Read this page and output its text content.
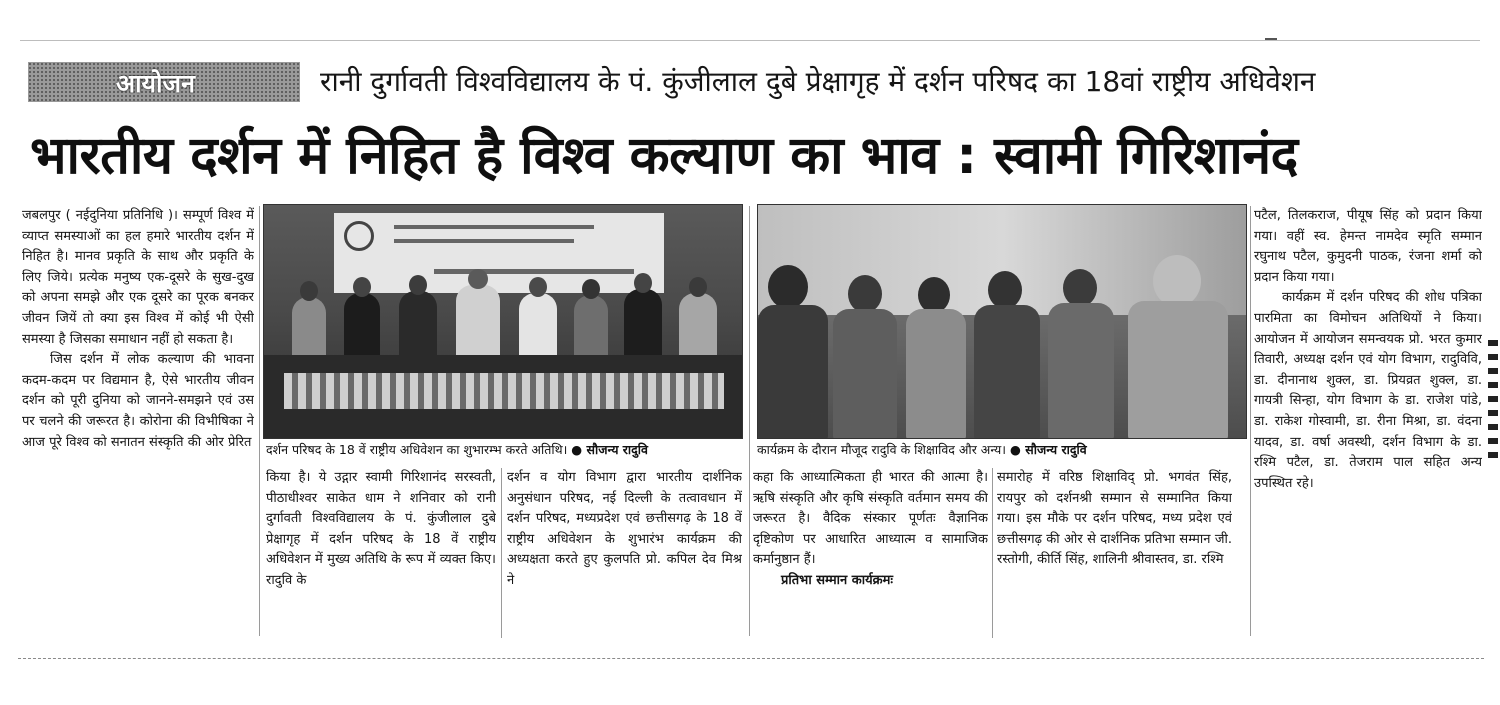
आयोजन	रानी दुर्गावती विश्वविद्यालय के पं. कुंजीलाल दुबे प्रेक्षागृह में दर्शन परिषद का 18वां राष्ट्रीय अधिवेशन
भारतीय दर्शन में निहित है विश्व कल्याण का भाव : स्वामी गिरिशानंद

जबलपुर ( नईदुनिया प्रतिनिधि )। सम्पूर्ण विश्व में व्याप्त समस्याओं का हल हमारे भारतीय दर्शन में निहित है। मानव प्रकृति के साथ और प्रकृति के लिए जिये। प्रत्येक मनुष्य एक-दूसरे के सुख-दुख को अपना समझे और एक दूसरे का पूरक बनकर जीवन जियें तो क्या इस विश्व में कोई भी ऐसी समस्या है जिसका समाधान नहीं हो सकता है।

जिस दर्शन में लोक कल्याण की भावना कदम-कदम पर विद्यमान है, ऐसे भारतीय जीवन दर्शन को पूरी दुनिया को जानने-समझने एवं उस पर चलने की जरूरत है। कोरोना की विभीषिका ने आज पूरे विश्व को सनातन संस्कृति की ओर प्रेरित दर्शन परिषद के 18 वें राष्ट्रीय अधिवेशन का शुभारम्भ करते अतिथि। ● सौजन्य रादुवि	कार्यक्रम के दौरान मौजूद रादुवि के शिक्षाविद और अन्य। ● सौजन्य रादुवि

किया है। ये उद्गार स्वामी गिरिशानंद सरस्वती, पीठाधीश्वर साकेत धाम ने शनिवार को रानी दुर्गावती विश्वविद्यालय के पं. कुंजीलाल दुबे प्रेक्षागृह में दर्शन परिषद के 18 वें राष्ट्रीय अधिवेशन में मुख्य अतिथि के रूप में व्यक्त किए। रादुवि के

दर्शन व योग विभाग द्वारा भारतीय दार्शनिक अनुसंधान परिषद, नई दिल्ली के तत्वावधान में दर्शन परिषद, मध्यप्रदेश एवं छत्तीसगढ़ के 18 वें राष्ट्रीय अधिवेशन के शुभारंभ कार्यक्रम की अध्यक्षता करते हुए कुलपति प्रो. कपिल देव मिश्र ने

कहा कि आध्यात्मिकता ही भारत की आत्मा है। ऋषि संस्कृति और कृषि संस्कृति वर्तमान समय की जरूरत है। वैदिक संस्कार पूर्णतः वैज्ञानिक दृष्टिकोण पर आधारित आध्यात्म व सामाजिक कर्मानुष्ठान हैं।

प्रतिभा सम्मान कार्यक्रमः

समारोह में वरिष्ठ शिक्षाविद् प्रो. भगवंत सिंह, रायपुर को दर्शनश्री सम्मान से सम्मानित किया गया। इस मौके पर दर्शन परिषद, मध्य प्रदेश एवं छत्तीसगढ़ की ओर से दार्शनिक प्रतिभा सम्मान जी. रस्तोगी, कीर्ति सिंह, शालिनी श्रीवास्तव, डा. रश्मि

पटैल, तिलकराज, पीयूष सिंह को प्रदान किया गया। वहीं स्व. हेमन्त नामदेव स्मृति सम्मान रघुनाथ पटैल, कुमुदनी पाठक, रंजना शर्मा को प्रदान किया गया।

कार्यक्रम में दर्शन परिषद की शोध पत्रिका पारमिता का विमोचन अतिथियों ने किया। आयोजन में आयोजन समन्वयक प्रो. भरत कुमार तिवारी, अध्यक्ष दर्शन एवं योग विभाग, रादुविवि, डा. दीनानाथ शुक्ल, डा. प्रियव्रत शुक्ल, डा. गायत्री सिन्हा, योग विभाग के डा. राजेश पांडे, डा. राकेश गोस्वामी, डा. रीना मिश्रा, डा. वंदना यादव, डा. वर्षा अवस्थी, दर्शन विभाग के डा. रश्मि पटैल, डा. तेजराम पाल सहित अन्य उपस्थित रहे।
